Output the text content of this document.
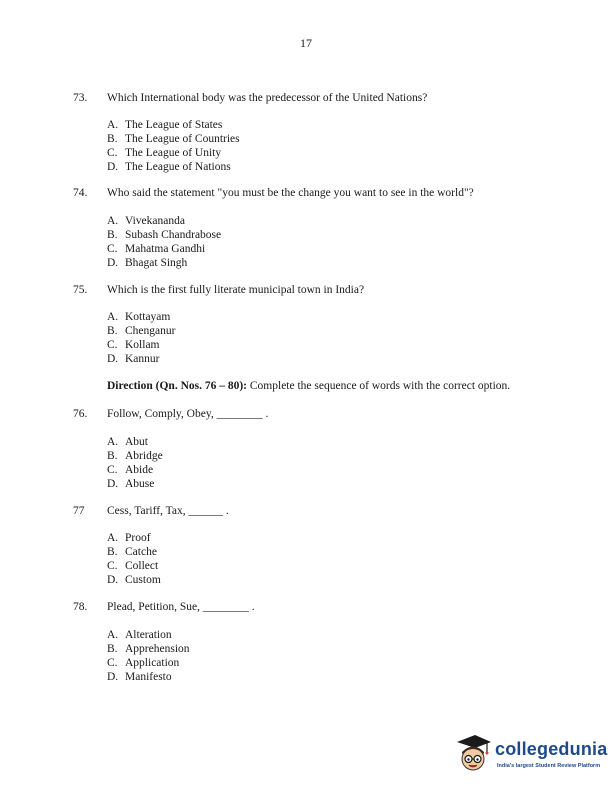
17
73. Which International body was the predecessor of the United Nations?
A. The League of States
B. The League of Countries
C. The League of Unity
D. The League of Nations
74. Who said the statement "you must be the change you want to see in the world"?
A. Vivekananda
B. Subash Chandrabose
C. Mahatma Gandhi
D. Bhagat Singh
75. Which is the first fully literate municipal town in India?
A. Kottayam
B. Chenganur
C. Kollam
D. Kannur
Direction (Qn. Nos. 76 – 80): Complete the sequence of words with the correct option.
76. Follow, Comply, Obey, ________ .
A. Abut
B. Abridge
C. Abide
D. Abuse
77 Cess, Tariff, Tax, ______ .
A. Proof
B. Catche
C. Collect
D. Custom
78. Plead, Petition, Sue, ________ .
A. Alteration
B. Apprehension
C. Application
D. Manifesto
collegedunia
India's largest Student Review Platform
